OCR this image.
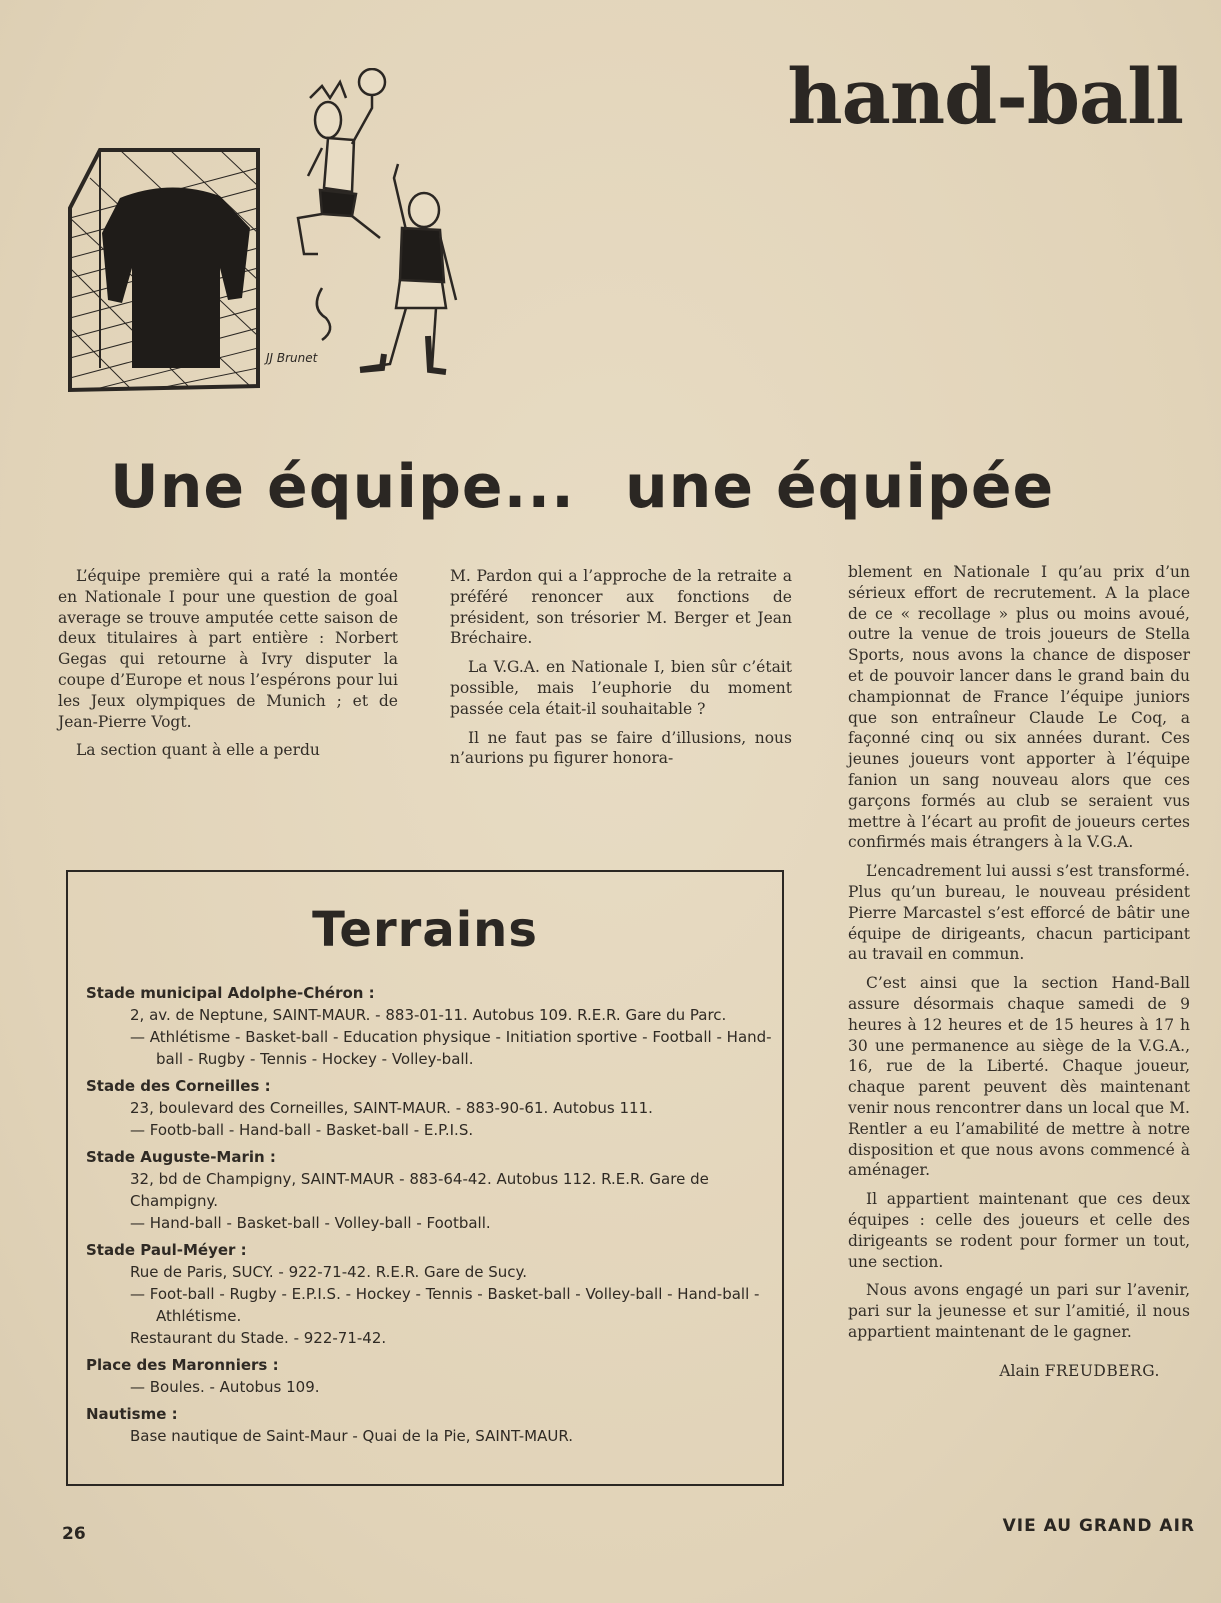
hand-ball
JJ Brunet
Une équipe... une équipée

L’équipe première qui a raté la montée en Nationale I pour une question de goal average se trouve amputée cette saison de deux titulaires à part entière : Norbert Gegas qui retourne à Ivry disputer la coupe d’Europe et nous l’espérons pour lui les Jeux olympiques de Munich ; et de Jean-Pierre Vogt.

La section quant à elle a perdu

M. Pardon qui a l’approche de la retraite a préféré renoncer aux fonctions de président, son trésorier M. Berger et Jean Bréchaire.

La V.G.A. en Nationale I, bien sûr c’était possible, mais l’euphorie du moment passée cela était-il souhaitable ?

Il ne faut pas se faire d’illusions, nous n’aurions pu figurer honora-

blement en Nationale I qu’au prix d’un sérieux effort de recrutement. A la place de ce « recollage » plus ou moins avoué, outre la venue de trois joueurs de Stella Sports, nous avons la chance de disposer et de pouvoir lancer dans le grand bain du championnat de France l’équipe juniors que son entraîneur Claude Le Coq, a façonné cinq ou six années durant. Ces jeunes joueurs vont apporter à l’équipe fanion un sang nouveau alors que ces garçons formés au club se seraient vus mettre à l’écart au profit de joueurs certes confirmés mais étrangers à la V.G.A.

L’encadrement lui aussi s’est transformé. Plus qu’un bureau, le nouveau président Pierre Marcastel s’est efforcé de bâtir une équipe de dirigeants, chacun participant au travail en commun.

C’est ainsi que la section Hand-Ball assure désormais chaque samedi de 9 heures à 12 heures et de 15 heures à 17 h 30 une permanence au siège de la V.G.A., 16, rue de la Liberté. Chaque joueur, chaque parent peuvent dès maintenant venir nous rencontrer dans un local que M. Rentler a eu l’amabilité de mettre à notre disposition et que nous avons commencé à aménager.

Il appartient maintenant que ces deux équipes : celle des joueurs et celle des dirigeants se rodent pour former un tout, une section.

Nous avons engagé un pari sur l’avenir, pari sur la jeunesse et sur l’amitié, il nous appartient maintenant de le gagner.

Alain FREUDBERG.
Terrains
Stade municipal Adolphe-Chéron :
2, av. de Neptune, SAINT-MAUR. - 883-01-11. Autobus 109. R.E.R. Gare du Parc.
— Athlétisme - Basket-ball - Education physique - Initiation sportive - Football - Hand-ball - Rugby - Tennis - Hockey - Volley-ball.
Stade des Corneilles :
23, boulevard des Corneilles, SAINT-MAUR. - 883-90-61. Autobus 111.
— Footb-ball - Hand-ball - Basket-ball - E.P.I.S.
Stade Auguste-Marin :
32, bd de Champigny, SAINT-MAUR - 883-64-42. Autobus 112. R.E.R. Gare de Champigny.
— Hand-ball - Basket-ball - Volley-ball - Football.
Stade Paul-Méyer :
Rue de Paris, SUCY. - 922-71-42. R.E.R. Gare de Sucy.
— Foot-ball - Rugby - E.P.I.S. - Hockey - Tennis - Basket-ball - Volley-ball - Hand-ball - Athlétisme.
Restaurant du Stade. - 922-71-42.
Place des Maronniers :
— Boules. - Autobus 109.
Nautisme :
Base nautique de Saint-Maur - Quai de la Pie, SAINT-MAUR.
26	VIE AU GRAND AIR
